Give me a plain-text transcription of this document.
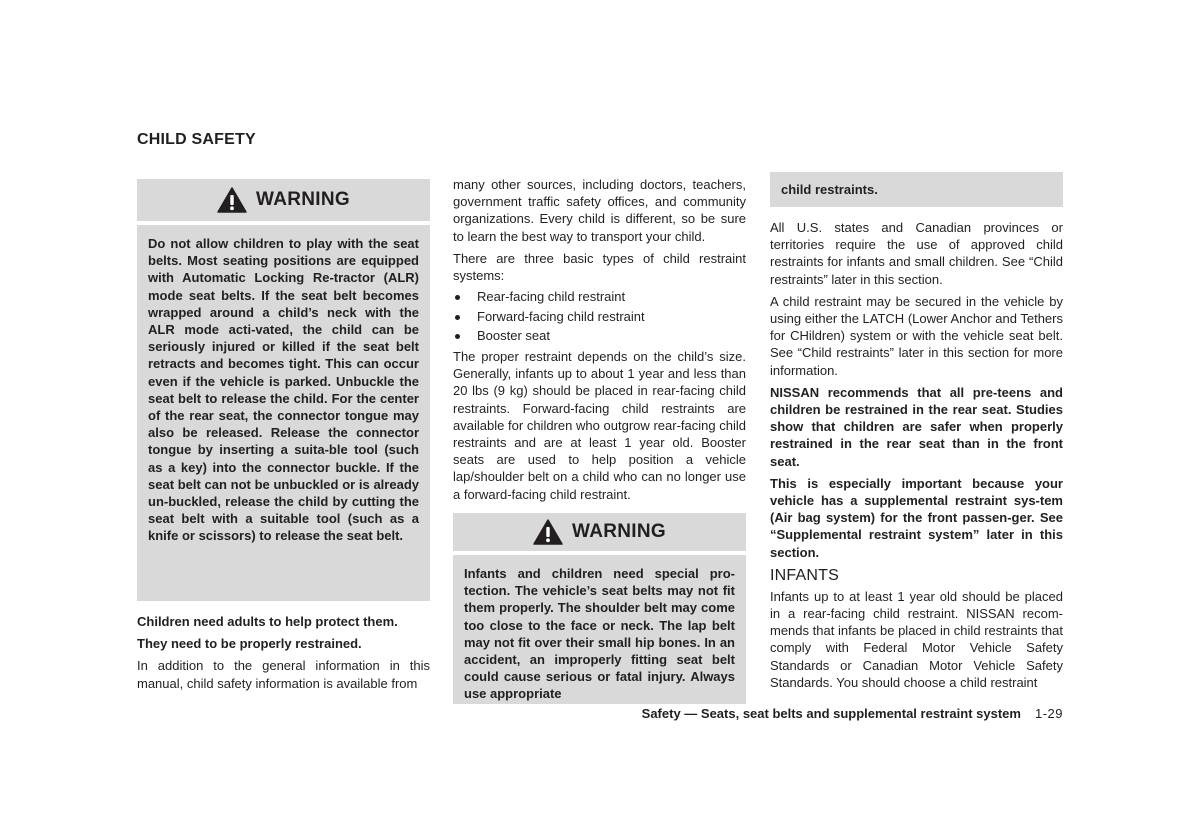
CHILD SAFETY
WARNING
Do not allow children to play with the seat belts. Most seating positions are equipped with Automatic Locking Re-tractor (ALR) mode seat belts. If the seat belt becomes wrapped around a child’s neck with the ALR mode acti-vated, the child can be seriously injured or killed if the seat belt retracts and becomes tight. This can occur even if the vehicle is parked. Unbuckle the seat belt to release the child. For the center of the rear seat, the connector tongue may also be released. Release the connector tongue by inserting a suita-ble tool (such as a key) into the connector buckle. If the seat belt can not be unbuckled or is already un-buckled, release the child by cutting the seat belt with a suitable tool (such as a knife or scissors) to release the seat belt.

Children need adults to help protect them.

They need to be properly restrained.

In addition to the general information in this manual, child safety information is available from

many other sources, including doctors, teachers, government traffic safety offices, and community organizations. Every child is different, so be sure to learn the best way to transport your child.

There are three basic types of child restraint systems:

Rear-facing child restraint
Forward-facing child restraint
Booster seat

The proper restraint depends on the child’s size. Generally, infants up to about 1 year and less than 20 lbs (9 kg) should be placed in rear-facing child restraints. Forward-facing child restraints are available for children who outgrow rear-facing child restraints and are at least 1 year old. Booster seats are used to help position a vehicle lap/shoulder belt on a child who can no longer use a forward-facing child restraint.

WARNING
Infants and children need special pro-tection. The vehicle’s seat belts may not fit them properly. The shoulder belt may come too close to the face or neck. The lap belt may not fit over their small hip bones. In an accident, an improperly fitting seat belt could cause serious or fatal injury. Always use appropriate
child restraints.

All U.S. states and Canadian provinces or territories require the use of approved child restraints for infants and small children. See “Child restraints” later in this section.

A child restraint may be secured in the vehicle by using either the LATCH (Lower Anchor and Tethers for CHildren) system or with the vehicle seat belt. See “Child restraints” later in this section for more information.

NISSAN recommends that all pre-teens and children be restrained in the rear seat. Studies show that children are safer when properly restrained in the rear seat than in the front seat.

This is especially important because your vehicle has a supplemental restraint sys-tem (Air bag system) for the front passen-ger. See “Supplemental restraint system” later in this section.

INFANTS

Infants up to at least 1 year old should be placed in a rear-facing child restraint. NISSAN recom-mends that infants be placed in child restraints that comply with Federal Motor Vehicle Safety Standards or Canadian Motor Vehicle Safety Standards. You should choose a child restraint

Safety — Seats, seat belts and supplemental restraint system 1-29
